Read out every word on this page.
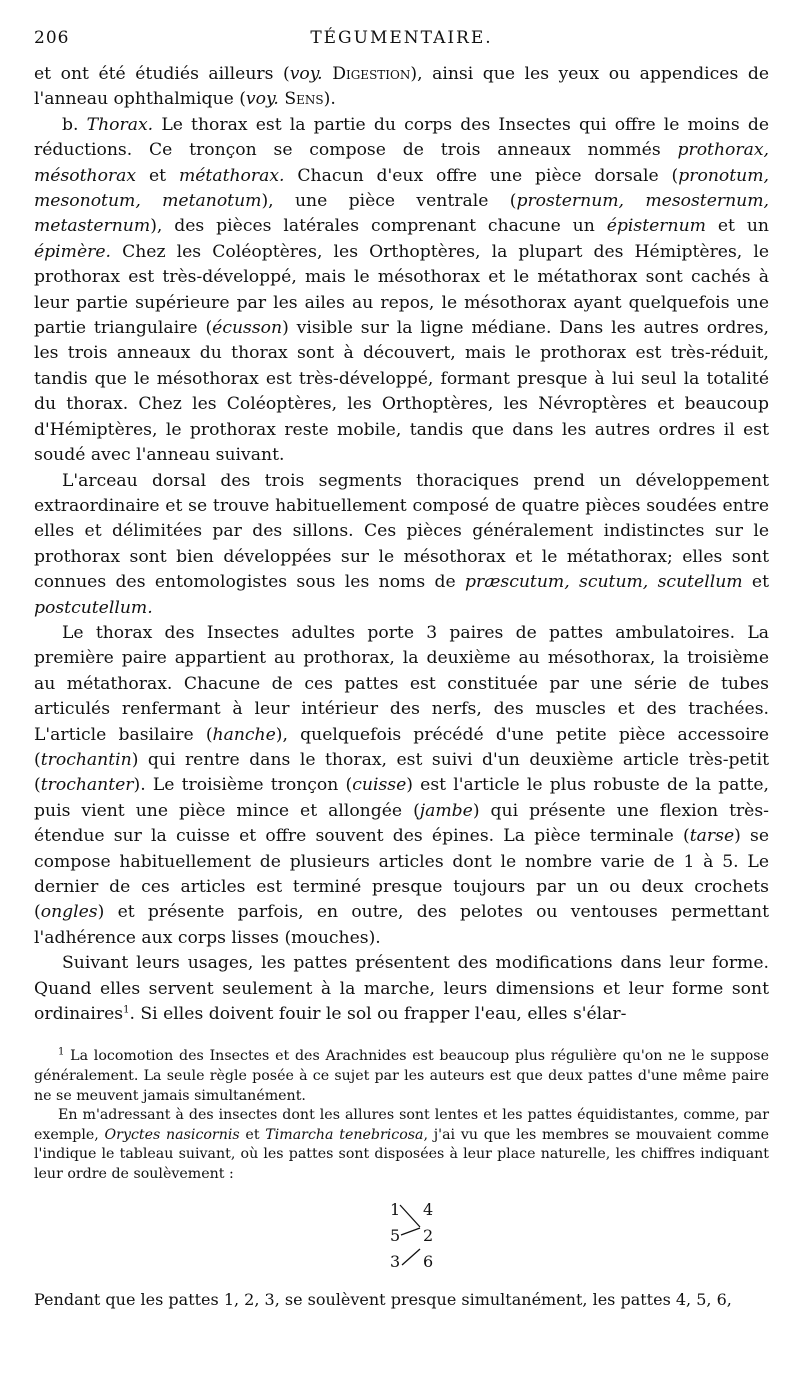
206	TÉGUMENTAIRE.

et ont été étudiés ailleurs (voy. Digestion), ainsi que les yeux ou appendices de l'anneau ophthalmique (voy. Sens).

b. Thorax. Le thorax est la partie du corps des Insectes qui offre le moins de réductions. Ce tronçon se compose de trois anneaux nommés prothorax, mésothorax et métathorax. Chacun d'eux offre une pièce dorsale (pronotum, mesonotum, metanotum), une pièce ventrale (prosternum, mesosternum, metasternum), des pièces latérales comprenant chacune un épisternum et un épimère. Chez les Coléoptères, les Orthoptères, la plupart des Hémiptères, le prothorax est très-développé, mais le mésothorax et le métathorax sont cachés à leur partie supérieure par les ailes au repos, le mésothorax ayant quelquefois une partie triangulaire (écusson) visible sur la ligne médiane. Dans les autres ordres, les trois anneaux du thorax sont à découvert, mais le prothorax est très-réduit, tandis que le mésothorax est très-développé, formant presque à lui seul la totalité du thorax. Chez les Coléoptères, les Orthoptères, les Névroptères et beaucoup d'Hémiptères, le prothorax reste mobile, tandis que dans les autres ordres il est soudé avec l'anneau suivant.

L'arceau dorsal des trois segments thoraciques prend un développement extraordinaire et se trouve habituellement composé de quatre pièces soudées entre elles et délimitées par des sillons. Ces pièces généralement indistinctes sur le prothorax sont bien développées sur le mésothorax et le métathorax; elles sont connues des entomologistes sous les noms de præscutum, scutum, scutellum et postcutellum.

Le thorax des Insectes adultes porte 3 paires de pattes ambulatoires. La première paire appartient au prothorax, la deuxième au mésothorax, la troisième au métathorax. Chacune de ces pattes est constituée par une série de tubes articulés renfermant à leur intérieur des nerfs, des muscles et des trachées. L'article basilaire (hanche), quelquefois précédé d'une petite pièce accessoire (trochantin) qui rentre dans le thorax, est suivi d'un deuxième article très-petit (trochanter). Le troisième tronçon (cuisse) est l'article le plus robuste de la patte, puis vient une pièce mince et allongée (jambe) qui présente une flexion très-étendue sur la cuisse et offre souvent des épines. La pièce terminale (tarse) se compose habituellement de plusieurs articles dont le nombre varie de 1 à 5. Le dernier de ces articles est terminé presque toujours par un ou deux crochets (ongles) et présente parfois, en outre, des pelotes ou ventouses permettant l'adhérence aux corps lisses (mouches).

Suivant leurs usages, les pattes présentent des modifications dans leur forme. Quand elles servent seulement à la marche, leurs dimensions et leur forme sont ordinaires$^1$. Si elles doivent fouir le sol ou frapper l'eau, elles s'élar-

$^1$ La locomotion des Insectes et des Arachnides est beaucoup plus régulière qu'on ne le suppose généralement. La seule règle posée à ce sujet par les auteurs est que deux pattes d'une même paire ne se meuvent jamais simultanément.

En m'adressant à des insectes dont les allures sont lentes et les pattes équidistantes, comme, par exemple, Oryctes nasicornis et Timarcha tenebricosa, j'ai vu que les membres se mouvaient comme l'indique le tableau suivant, où les pattes sont disposées à leur place naturelle, les chiffres indiquant leur ordre de soulèvement :

1
5
3
4
2
6

Pendant que les pattes 1, 2, 3, se soulèvent presque simultanément, les pattes 4, 5, 6,
